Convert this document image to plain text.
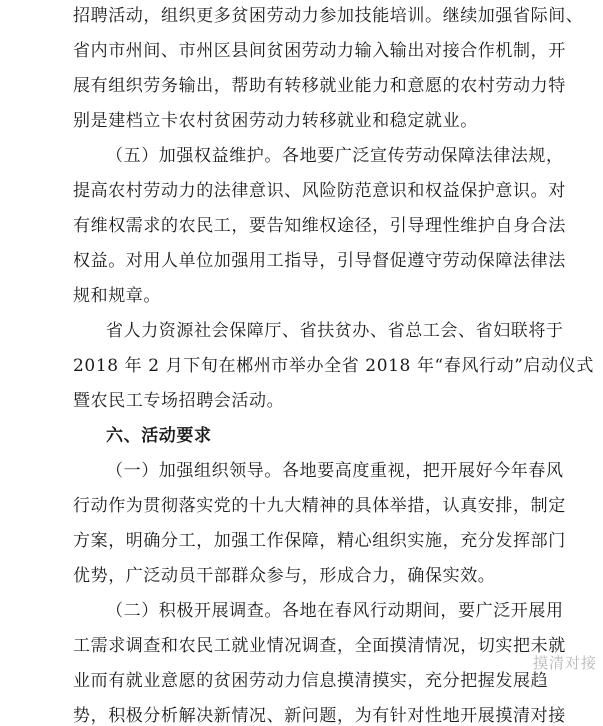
招聘活动，组织更多贫困劳动力参加技能培训。继续加强省际间、
省内市州间、市州区县间贫困劳动力输入输出对接合作机制，开
展有组织劳务输出，帮助有转移就业能力和意愿的农村劳动力特
别是建档立卡农村贫困劳动力转移就业和稳定就业。
（五）加强权益维护。各地要广泛宣传劳动保障法律法规，
提高农村劳动力的法律意识、风险防范意识和权益保护意识。对
有维权需求的农民工，要告知维权途径，引导理性维护自身合法
权益。对用人单位加强用工指导，引导督促遵守劳动保障法律法
规和规章。
省人力资源社会保障厅、省扶贫办、省总工会、省妇联将于
2018 年 2 月下旬在郴州市举办全省 2018 年“春风行动”启动仪式
暨农民工专场招聘会活动。
六、活动要求
（一）加强组织领导。各地要高度重视，把开展好今年春风
行动作为贯彻落实党的十九大精神的具体举措，认真安排，制定
方案，明确分工，加强工作保障，精心组织实施，充分发挥部门
优势，广泛动员干部群众参与，形成合力，确保实效。
（二）积极开展调查。各地在春风行动期间，要广泛开展用
工需求调查和农民工就业情况调查，全面摸清情况，切实把未就
业而有就业意愿的贫困劳动力信息摸清摸实，充分把握发展趋
势，积极分析解决新情况、新问题，为有针对性地开展摸清对接
摸清对接
